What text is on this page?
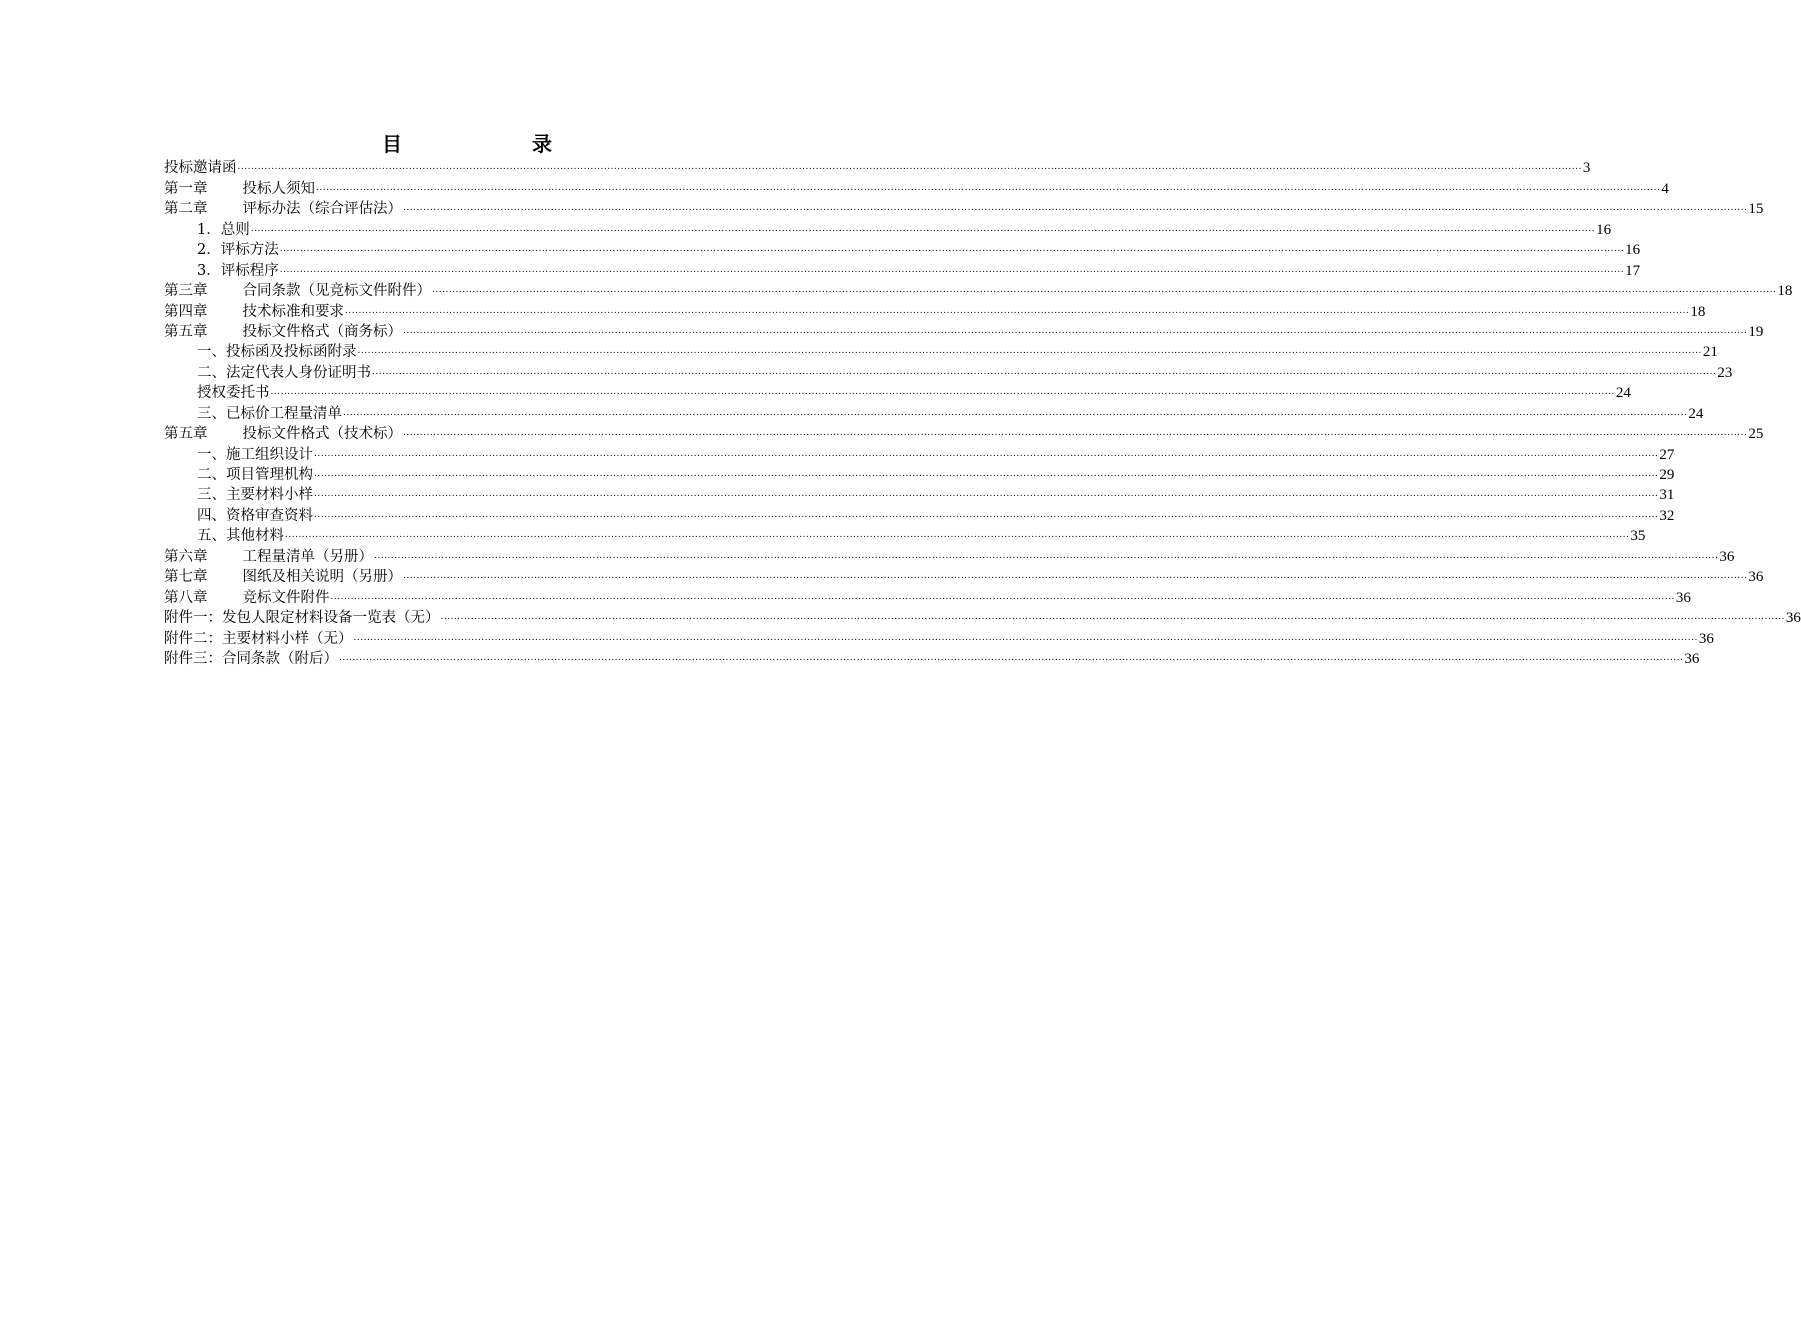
目　　录
投标邀请函 ................................................................................................................................................................................................................................................................................................................................................................................................................ 3
第一章 投标人须知 ................................................................................................................................................................................................................................................................................................................................................................................................................ 4
第二章 评标办法（综合评估法） ................................................................................................................................................................................................................................................................................................................................................................................................................ 15
1．总则 ................................................................................................................................................................................................................................................................................................................................................................................................................ 16
2．评标方法 ................................................................................................................................................................................................................................................................................................................................................................................................................ 16
3．评标程序 ................................................................................................................................................................................................................................................................................................................................................................................................................ 17
第三章 合同条款（见竞标文件附件） ................................................................................................................................................................................................................................................................................................................................................................................................................ 18
第四章 技术标准和要求 ................................................................................................................................................................................................................................................................................................................................................................................................................ 18
第五章 投标文件格式（商务标） ................................................................................................................................................................................................................................................................................................................................................................................................................ 19
一、投标函及投标函附录 ................................................................................................................................................................................................................................................................................................................................................................................................................ 21
二、法定代表人身份证明书 ................................................................................................................................................................................................................................................................................................................................................................................................................ 23
授权委托书 ................................................................................................................................................................................................................................................................................................................................................................................................................ 24
三、已标价工程量清单 ................................................................................................................................................................................................................................................................................................................................................................................................................ 24
第五章 投标文件格式（技术标） ................................................................................................................................................................................................................................................................................................................................................................................................................ 25
一、施工组织设计 ................................................................................................................................................................................................................................................................................................................................................................................................................ 27
二、项目管理机构 ................................................................................................................................................................................................................................................................................................................................................................................................................ 29
三、主要材料小样 ................................................................................................................................................................................................................................................................................................................................................................................................................ 31
四、资格审查资料 ................................................................................................................................................................................................................................................................................................................................................................................................................ 32
五、其他材料 ................................................................................................................................................................................................................................................................................................................................................................................................................ 35
第六章 工程量清单（另册） ................................................................................................................................................................................................................................................................................................................................................................................................................ 36
第七章 图纸及相关说明（另册） ................................................................................................................................................................................................................................................................................................................................................................................................................ 36
第八章 竞标文件附件 ................................................................................................................................................................................................................................................................................................................................................................................................................ 36
附件一：发包人限定材料设备一览表（无） ................................................................................................................................................................................................................................................................................................................................................................................................................ 36
附件二：主要材料小样（无） ................................................................................................................................................................................................................................................................................................................................................................................................................ 36
附件三：合同条款（附后） ................................................................................................................................................................................................................................................................................................................................................................................................................ 36
